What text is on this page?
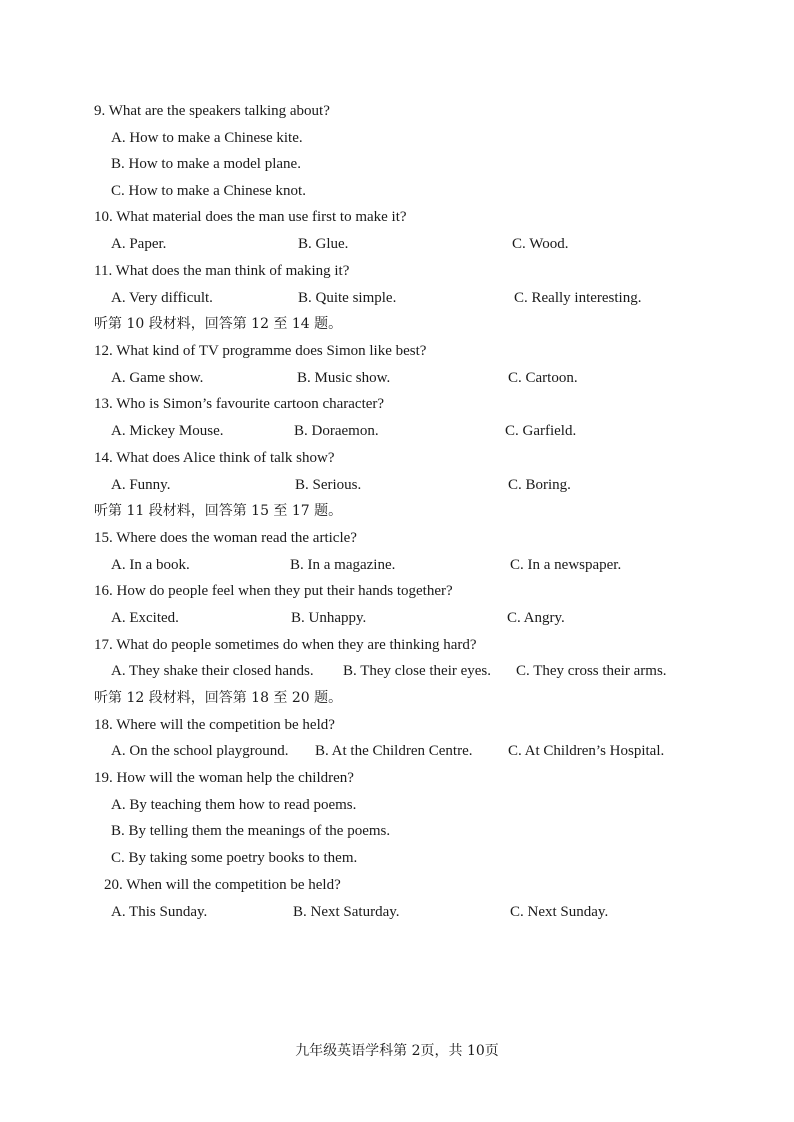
9. What are the speakers talking about?
A. How to make a Chinese kite.
B. How to make a model plane.
C. How to make a Chinese knot.
10. What material does the man use first to make it?
A. Paper.	B. Glue.	C. Wood.
11. What does the man think of making it?
A. Very difficult.	B. Quite simple.	C. Really interesting.
听第 10 段材料，回答第 12 至 14 题。
12. What kind of TV programme does Simon like best?
A. Game show.	B. Music show.	C. Cartoon.
13. Who is Simon’s favourite cartoon character?
A. Mickey Mouse.	B. Doraemon.	C. Garfield.
14. What does Alice think of talk show?
A. Funny.	B. Serious.	C. Boring.
听第 11 段材料，回答第 15 至 17 题。
15. Where does the woman read the article?
A. In a book.	B. In a magazine.	C. In a newspaper.
16. How do people feel when they put their hands together?
A. Excited.	B. Unhappy.	C. Angry.
17. What do people sometimes do when they are thinking hard?
A. They shake their closed hands. B. They close their eyes. C. They cross their arms.
听第 12 段材料，回答第 18 至 20 题。
18. Where will the competition be held?
A. On the school playground. B. At the Children Centre. C. At Children’s Hospital.
19. How will the woman help the children?
A. By teaching them how to read poems.
B. By telling them the meanings of the poems.
C. By taking some poetry books to them.
20. When will the competition be held?
A. This Sunday.	B. Next Saturday.	C. Next Sunday.
九年级英语学科第 2页，共 10页
